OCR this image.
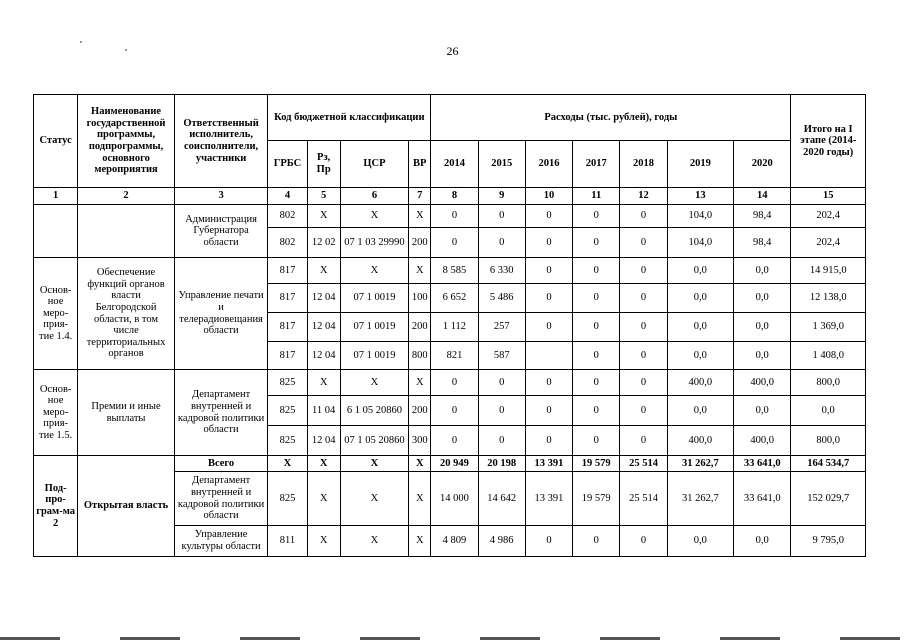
26
Статус	Наименование государственной программы, подпрограммы, основного мероприятия	Ответственный исполнитель, соисполнители, участники	Код бюджетной классификации				Расходы (тыс. рублей), годы							Итого на I этапе (2014-2020 годы)
			ГРБС	Рз, Пр	ЦСР	ВР	2014	2015	2016	2017	2018	2019	2020	
1	2	3	4	5	6	7	8	9	10	11	12	13	14	15
		Администрация Губернатора области	802	Х	Х	Х	0	0	0	0	0	104,0	98,4	202,4
			802	12 02	07 1 03 29990	200	0	0	0	0	0	104,0	98,4	202,4
Основ-ное меро-прия-тие 1.4.	Обеспечение функций органов власти Белгородской области, в том числе территориальных органов	Управление печати и телерадиовещания области	817	Х	Х	Х	8 585	6 330	0	0	0	0,0	0,0	14 915,0
			817	12 04	07 1 0019	100	6 652	5 486	0	0	0	0,0	0,0	12 138,0
			817	12 04	07 1 0019	200	1 112	257	0	0	0	0,0	0,0	1 369,0
			817	12 04	07 1 0019	800	821	587		0	0	0,0	0,0	1 408,0
Основ-ное меро-прия-тие 1.5.	Премии и иные выплаты	Департамент внутренней и кадровой политики области	825	Х	Х	Х	0	0	0	0	0	400,0	400,0	800,0
			825	11 04	6 1 05 20860	200	0	0	0	0	0	0,0	0,0	0,0
			825	12 04	07 1 05 20860	300	0	0	0	0	0	400,0	400,0	800,0
Под-про-грам-ма 2	Открытая власть	Всего	Х	Х	Х	Х	20 949	20 198	13 391	19 579	25 514	31 262,7	33 641,0	164 534,7
		Департамент внутренней и кадровой политики области	825	Х	Х	Х	14 000	14 642	13 391	19 579	25 514	31 262,7	33 641,0	152 029,7
		Управление культуры области	811	Х	Х	Х	4 809	4 986	0	0	0	0,0	0,0	9 795,0
